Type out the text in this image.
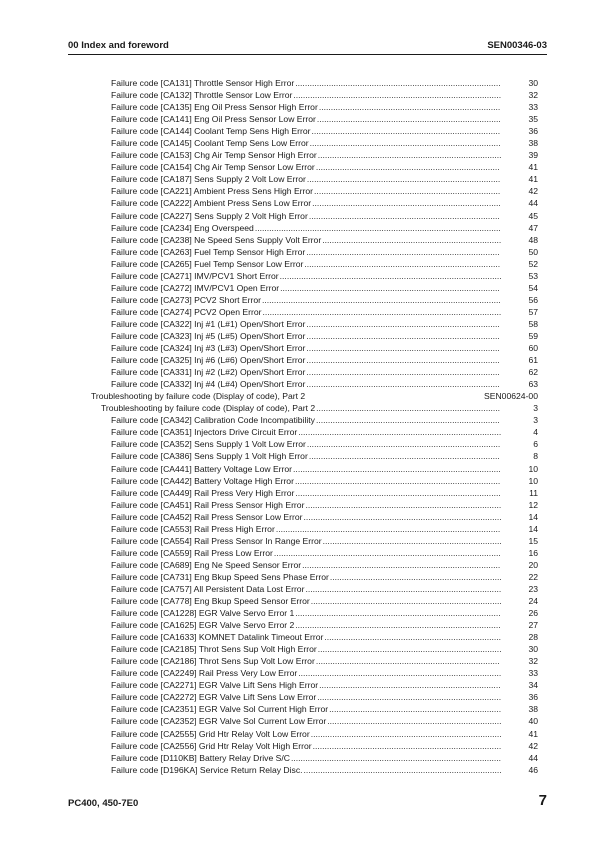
00 Index and foreword	SEN00346-03
Failure code [CA131] Throttle Sensor High Error	30
......................................................................................
Failure code [CA132] Throttle Sensor Low Error	32
.......................................................................................
Failure code [CA135] Eng Oil Press Sensor High Error	33
............................................................................
Failure code [CA141] Eng Oil Press Sensor Low Error	35
.............................................................................
Failure code [CA144] Coolant Temp Sens High Error	36
...............................................................................
Failure code [CA145] Coolant Temp Sens Low Error	38
................................................................................
Failure code [CA153] Chg Air Temp Sensor High Error	39
.............................................................................
Failure code [CA154] Chg Air Temp Sensor Low Error	41
.............................................................................
Failure code [CA187] Sens Supply 2 Volt Low Error	41
.................................................................................
Failure code [CA221] Ambient Press Sens High Error	42
..............................................................................
Failure code [CA222] Ambient Press Sens Low Error	44
...............................................................................
Failure code [CA227] Sens Supply 2 Volt High Error	45
................................................................................
Failure code [CA234] Eng Overspeed	47
.......................................................................................................
Failure code [CA238] Ne Speed Sens Supply Volt Error	48
...........................................................................
Failure code [CA263] Fuel Temp Sensor High Error	50
.................................................................................
Failure code [CA265] Fuel Temp Sensor Low Error	52
..................................................................................
Failure code [CA271] IMV/PCV1 Short Error	53
.............................................................................................
Failure code [CA272] IMV/PCV1 Open Error	54
............................................................................................
Failure code [CA273] PCV2 Short Error	56
....................................................................................................
Failure code [CA274] PCV2 Open Error	57
....................................................................................................
Failure code [CA322] Inj #1 (L#1) Open/Short Error	58
.................................................................................
Failure code [CA323] Inj #5 (L#5) Open/Short Error	59
.................................................................................
Failure code [CA324] Inj #3 (L#3) Open/Short Error	60
.................................................................................
Failure code [CA325] Inj #6 (L#6) Open/Short Error	61
.................................................................................
Failure code [CA331] Inj #2 (L#2) Open/Short Error	62
.................................................................................
Failure code [CA332] Inj #4 (L#4) Open/Short Error	63
.................................................................................
Troubleshooting by failure code (Display of code), Part 2	SEN00624-00
Troubleshooting by failure code (Display of code), Part 2	3
.............................................................................
Failure code [CA342] Calibration Code Incompatibility	3
.............................................................................
Failure code [CA351] Injectors Drive Circuit Error	4
.....................................................................................
Failure code [CA352] Sens Supply 1 Volt Low Error	6
.................................................................................
Failure code [CA386] Sens Supply 1 Volt High Error	8
................................................................................
Failure code [CA441] Battery Voltage Low Error	10
.......................................................................................
Failure code [CA442] Battery Voltage High Error	10
......................................................................................
Failure code [CA449] Rail Press Very High Error	11
......................................................................................
Failure code [CA451] Rail Press Sensor High Error	12
..................................................................................
Failure code [CA452] Rail Press Sensor Low Error	14
...................................................................................
Failure code [CA553] Rail Press High Error	14
..............................................................................................
Failure code [CA554] Rail Press Sensor In Range Error	15
...........................................................................
Failure code [CA559] Rail Press Low Error	16
...............................................................................................
Failure code [CA689] Eng Ne Speed Sensor Error	20
...................................................................................
Failure code [CA731] Eng Bkup Speed Sens Phase Error	22
........................................................................
Failure code [CA757] All Persistent Data Lost Error	23
..................................................................................
Failure code [CA778] Eng Bkup Speed Sensor Error	24
................................................................................
Failure code [CA1228] EGR Valve Servo Error 1	26
......................................................................................
Failure code [CA1625] EGR Valve Servo Error 2	27
......................................................................................
Failure code [CA1633] KOMNET Datalink Timeout Error	28
..........................................................................
Failure code [CA2185] Throt Sens Sup Volt High Error	30
.............................................................................
Failure code [CA2186] Throt Sens Sup Volt Low Error	32
.............................................................................
Failure code [CA2249] Rail Press Very Low Error	33
.....................................................................................
Failure code [CA2271] EGR Valve Lift Sens High Error	34
............................................................................
Failure code [CA2272] EGR Valve Lift Sens Low Error	36
.............................................................................
Failure code [CA2351] EGR Valve Sol Current High Error	38
........................................................................
Failure code [CA2352] EGR Valve Sol Current Low Error	40
.........................................................................
Failure code [CA2555] Grid Htr Relay Volt Low Error	41
................................................................................
Failure code [CA2556] Grid Htr Relay Volt High Error	42
...............................................................................
Failure code [D110KB] Battery Relay Drive S/C	44
........................................................................................
Failure code [D196KA] Service Return Relay Disc.	46
...................................................................................
PC400, 450-7E0	7
